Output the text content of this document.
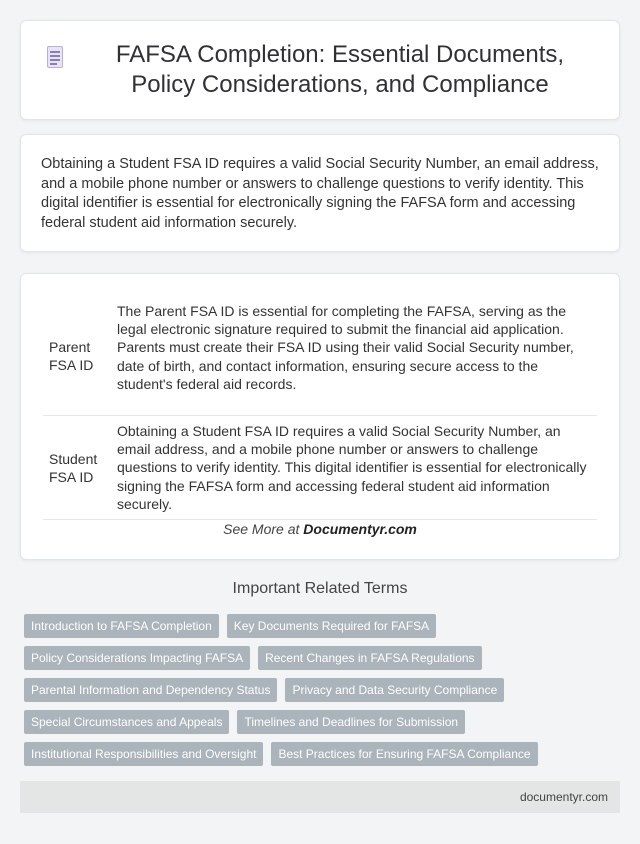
FAFSA Completion: Essential Documents, Policy Considerations, and Compliance

Obtaining a Student FSA ID requires a valid Social Security Number, an email address, and a mobile phone number or answers to challenge questions to verify identity. This digital identifier is essential for electronically signing the FAFSA form and accessing federal student aid information securely.

Parent FSA ID
The Parent FSA ID is essential for completing the FAFSA, serving as the legal electronic signature required to submit the financial aid application. Parents must create their FSA ID using their valid Social Security number, date of birth, and contact information, ensuring secure access to the student's federal aid records.
Student FSA ID
Obtaining a Student FSA ID requires a valid Social Security Number, an email address, and a mobile phone number or answers to challenge questions to verify identity. This digital identifier is essential for electronically signing the FAFSA form and accessing federal student aid information securely.
See More at Documentyr.com
Important Related Terms
Introduction to FAFSA Completion	Key Documents Required for FAFSA
Policy Considerations Impacting FAFSA	Recent Changes in FAFSA Regulations
Parental Information and Dependency Status	Privacy and Data Security Compliance
Special Circumstances and Appeals	Timelines and Deadlines for Submission
Institutional Responsibilities and Oversight	Best Practices for Ensuring FAFSA Compliance
documentyr.com
